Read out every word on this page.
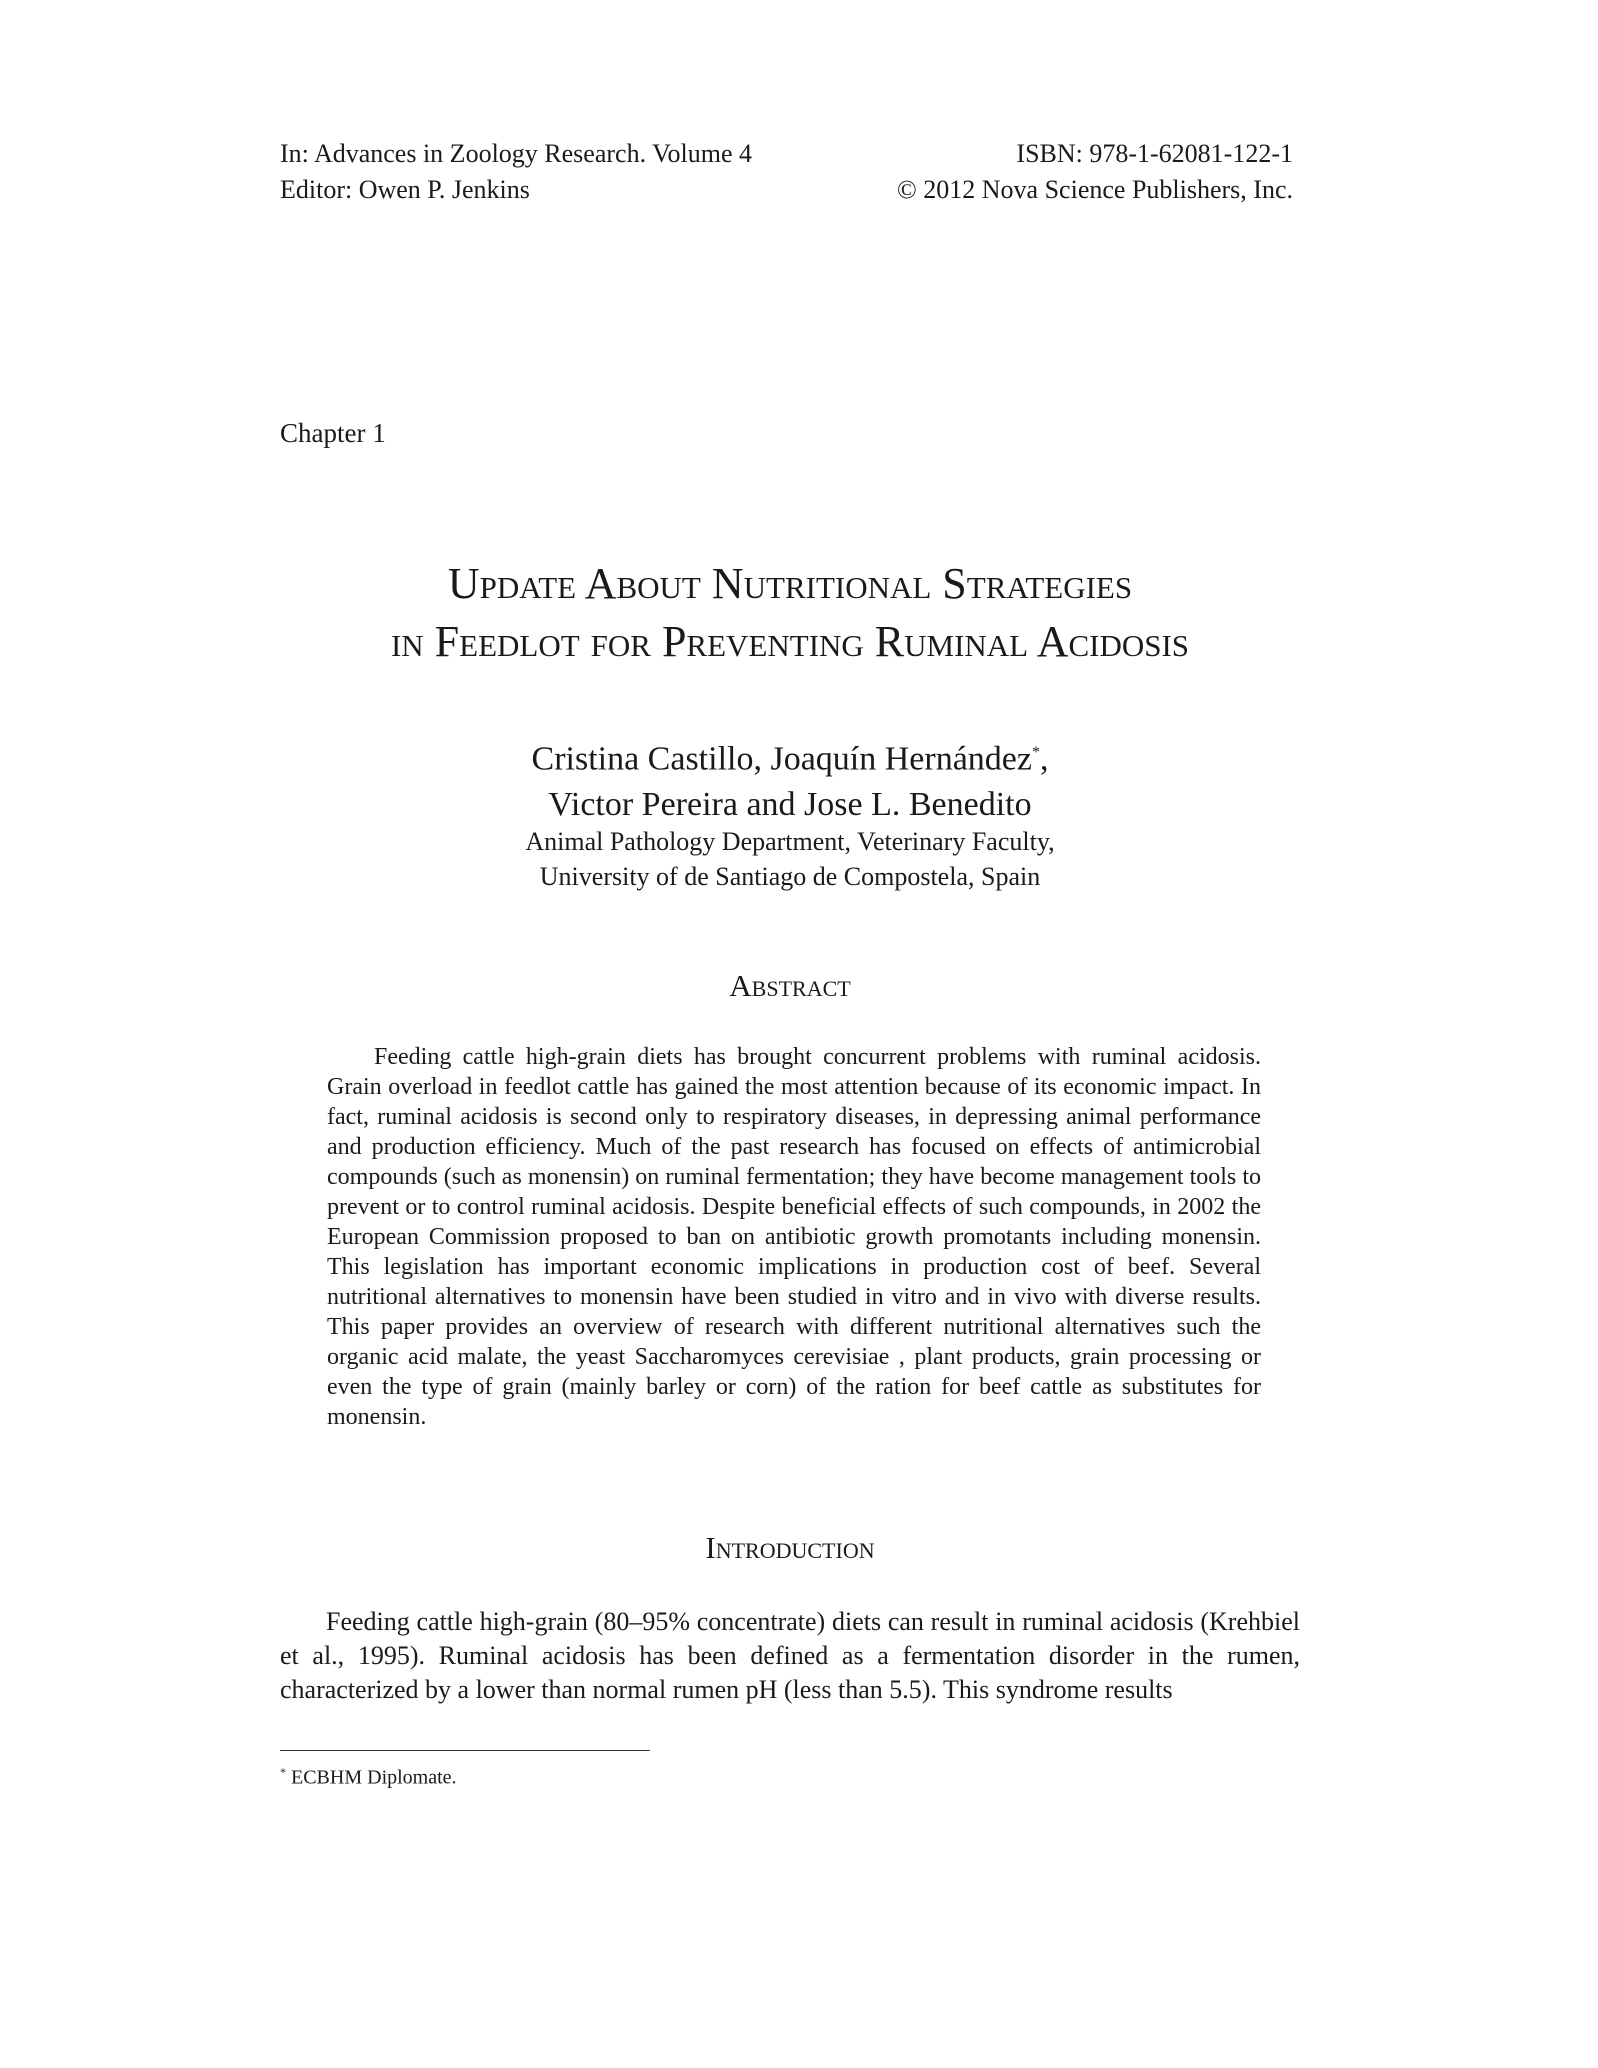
In: Advances in Zoology Research. Volume 4
Editor: Owen P. Jenkins
ISBN: 978-1-62081-122-1
© 2012 Nova Science Publishers, Inc.
Chapter 1
Update About Nutritional Strategies
in Feedlot for Preventing Ruminal Acidosis
Cristina Castillo, Joaquín Hernández*,
Victor Pereira and Jose L. Benedito
Animal Pathology Department, Veterinary Faculty,
University of de Santiago de Compostela, Spain
Abstract

Feeding cattle high-grain diets has brought concurrent problems with ruminal acidosis. Grain overload in feedlot cattle has gained the most attention because of its economic impact. In fact, ruminal acidosis is second only to respiratory diseases, in depressing animal performance and production efficiency. Much of the past research has focused on effects of antimicrobial compounds (such as monensin) on ruminal fermentation; they have become management tools to prevent or to control ruminal acidosis. Despite beneficial effects of such compounds, in 2002 the European Commission proposed to ban on antibiotic growth promotants including monensin. This legislation has important economic implications in production cost of beef. Several nutritional alternatives to monensin have been studied in vitro and in vivo with diverse results. This paper provides an overview of research with different nutritional alternatives such the organic acid malate, the yeast Saccharomyces cerevisiae , plant products, grain processing or even the type of grain (mainly barley or corn) of the ration for beef cattle as substitutes for monensin.

Introduction

Feeding cattle high-grain (80–95% concentrate) diets can result in ruminal acidosis (Krehbiel et al., 1995). Ruminal acidosis has been defined as a fermentation disorder in the rumen, characterized by a lower than normal rumen pH (less than 5.5). This syndrome results

* ECBHM Diplomate.
